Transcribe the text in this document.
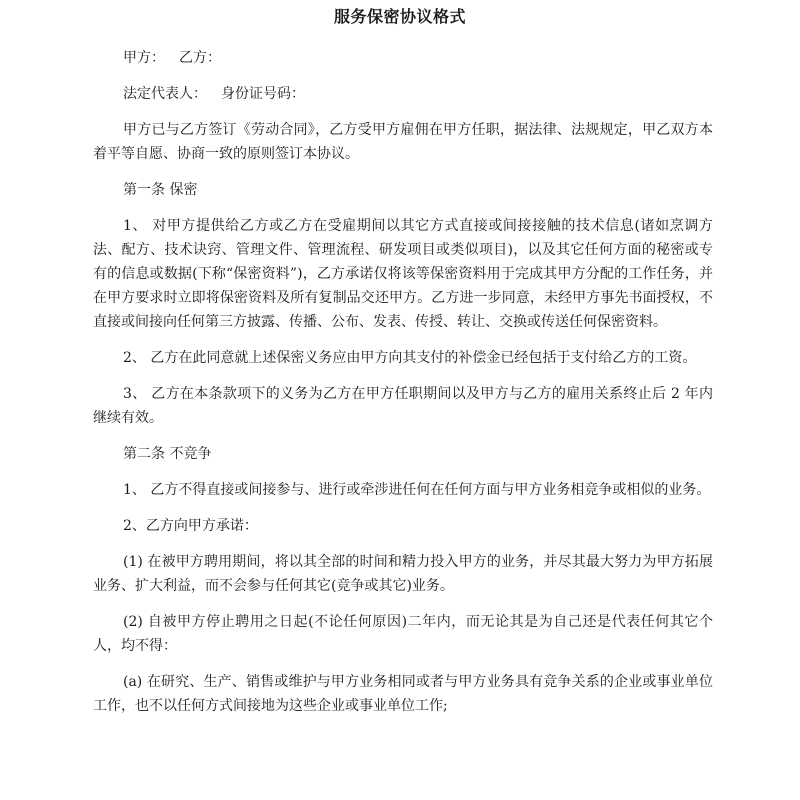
服务保密协议格式

甲方： 乙方：

法定代表人： 身份证号码：

甲方已与乙方签订《劳动合同》，乙方受甲方雇佣在甲方任职，据法律、法规规定，甲乙双方本着平等自愿、协商一致的原则签订本协议。

第一条 保密

1、 对甲方提供给乙方或乙方在受雇期间以其它方式直接或间接接触的技术信息(诸如烹调方法、配方、技术诀窍、管理文件、管理流程、研发项目或类似项目)，以及其它任何方面的秘密或专有的信息或数据(下称“保密资料”)，乙方承诺仅将该等保密资料用于完成其甲方分配的工作任务，并在甲方要求时立即将保密资料及所有复制品交还甲方。乙方进一步同意，未经甲方事先书面授权，不直接或间接向任何第三方披露、传播、公布、发表、传授、转让、交换或传送任何保密资料。

2、 乙方在此同意就上述保密义务应由甲方向其支付的补偿金已经包括于支付给乙方的工资。

3、 乙方在本条款项下的义务为乙方在甲方任职期间以及甲方与乙方的雇用关系终止后 2 年内继续有效。

第二条 不竞争

1、 乙方不得直接或间接参与、进行或牵涉进任何在任何方面与甲方业务相竞争或相似的业务。

2、乙方向甲方承诺：

(1) 在被甲方聘用期间，将以其全部的时间和精力投入甲方的业务，并尽其最大努力为甲方拓展业务、扩大利益，而不会参与任何其它(竞争或其它)业务。

(2) 自被甲方停止聘用之日起(不论任何原因)二年内，而无论其是为自己还是代表任何其它个人，均不得：

(a) 在研究、生产、销售或维护与甲方业务相同或者与甲方业务具有竞争关系的企业或事业单位工作，也不以任何方式间接地为这些企业或事业单位工作;
